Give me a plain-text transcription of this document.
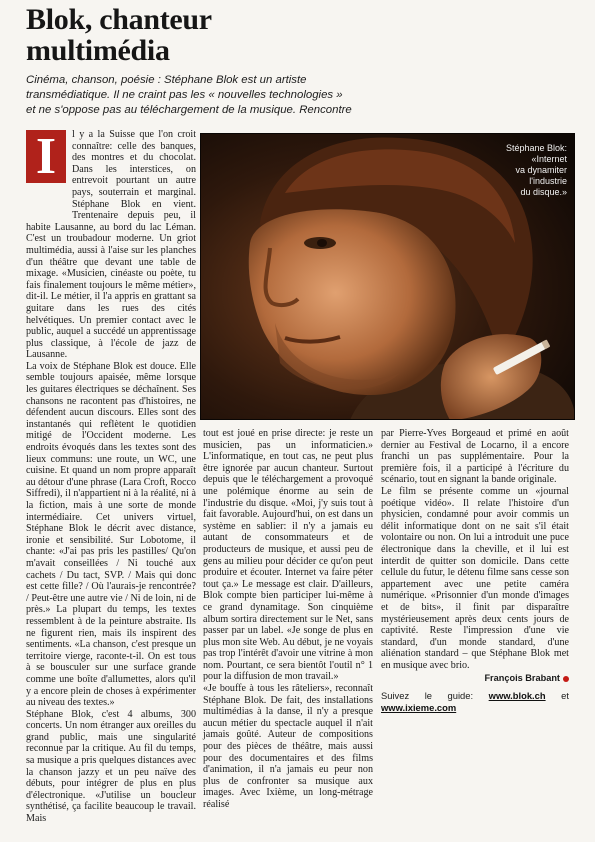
Blok, chanteur
multimédia

Cinéma, chanson, poésie : Stéphane Blok est un artiste
transmédiatique. Il ne craint pas les « nouvelles technologies »
et ne s'oppose pas au téléchargement de la musique. Rencontre

I	l y a la Suisse que l'on croit connaître: celle des banques, des montres et du chocolat. Dans les interstices, on entrevoit pourtant un autre pays, souterrain et marginal. Stéphane Blok en vient. Trentenaire depuis peu, il habite Lausanne, au bord du lac Léman. C'est un troubadour moderne. Un griot multimédia, aussi à l'aise sur les planches d'un théâtre que devant une table de mixage. «Musicien, cinéaste ou poète, tu fais finalement toujours le même métier», dit-il. Le métier, il l'a appris en grattant sa guitare dans les rues des cités helvétiques. Un premier contact avec le public, auquel a succédé un apprentissage plus classique, à l'école de jazz de Lausanne.

La voix de Stéphane Blok est douce. Elle semble toujours apaisée, même lorsque les guitares électriques se déchaînent. Ses chansons ne racontent pas d'histoires, ne défendent aucun discours. Elles sont des instantanés qui reflètent le quotidien mitigé de l'Occident moderne. Les endroits évoqués dans les textes sont des lieux communs: une route, un WC, une cuisine. Et quand un nom propre apparaît au détour d'une phrase (Lara Croft, Rocco Siffredi), il n'appartient ni à la réalité, ni à la fiction, mais à une sorte de monde intermédiaire. Cet univers virtuel, Stéphane Blok le décrit avec distance, ironie et sensibilité. Sur Lobotome, il chante: «J'ai pas pris les pastilles/ Qu'on m'avait conseillées / Ni touché aux cachets / Du tact, SVP. / Mais qui donc est cette fille? / Où l'aurais-je rencontrée? / Peut-être une autre vie / Ni de loin, ni de près.» La plupart du temps, les textes ressemblent à de la peinture abstraite. Ils ne figurent rien, mais ils inspirent des sentiments. «La chanson, c'est presque un territoire vierge, raconte-t-il. On est tous à se bousculer sur une surface grande comme une boîte d'allumettes, alors qu'il y a encore plein de choses à expérimenter au niveau des textes.»

Stéphane Blok, c'est 4 albums, 300 concerts. Un nom étranger aux oreilles du grand public, mais une singularité reconnue par la critique. Au fil du temps, sa musique a pris quelques distances avec la chanson jazzy et un peu naïve des débuts, pour intégrer de plus en plus d'électronique. «J'utilise un boucleur synthétisé, ça facilite beaucoup le travail. Mais

Stéphane Blok:
«Internet
va dynamiter
l'industrie
du disque.»

tout est joué en prise directe: je reste un musicien, pas un informaticien.» L'informatique, en tout cas, ne peut plus être ignorée par aucun chanteur. Surtout depuis que le téléchargement a provoqué une polémique énorme au sein de l'industrie du disque. «Moi, j'y suis tout à fait favorable. Aujourd'hui, on est dans un système en sablier: il n'y a jamais eu autant de consommateurs et de producteurs de musique, et aussi peu de gens au milieu pour décider ce qu'on peut produire et écouter. Internet va faire péter tout ça.» Le message est clair. D'ailleurs, Blok compte bien participer lui-même à ce grand dynamitage. Son cinquième album sortira directement sur le Net, sans passer par un label. «Je songe de plus en plus mon site Web. Au début, je ne voyais pas trop l'intérêt d'avoir une vitrine à mon nom. Pourtant, ce sera bientôt l'outil n° 1 pour la diffusion de mon travail.»

«Je bouffe à tous les râteliers», reconnaît Stéphane Blok. De fait, des installations multimédias à la danse, il n'y a presque aucun métier du spectacle auquel il n'ait jamais goûté. Auteur de compositions pour des pièces de théâtre, mais aussi pour des documentaires et des films d'animation, il n'a jamais eu peur non plus de confronter sa musique aux images. Avec Ixième, un long-métrage réalisé

par Pierre-Yves Borgeaud et primé en août dernier au Festival de Locarno, il a encore franchi un pas supplémentaire. Pour la première fois, il a participé à l'écriture du scénario, tout en signant la bande originale.

Le film se présente comme un «journal poétique vidéo». Il relate l'histoire d'un physicien, condamné pour avoir commis un délit informatique dont on ne sait s'il était volontaire ou non. On lui a introduit une puce électronique dans la cheville, et il lui est interdit de quitter son domicile. Dans cette cellule du futur, le détenu filme sans cesse son appartement avec une petite caméra numérique. «Prisonnier d'un monde d'images et de bits», il finit par disparaître mystérieusement après deux cents jours de captivité. Reste l'impression d'une vie standard, d'un monde standard, d'une aliénation standard – que Stéphane Blok met en musique avec brio.

François Brabant
Suivez le guide: www.blok.ch et www.ixieme.com
